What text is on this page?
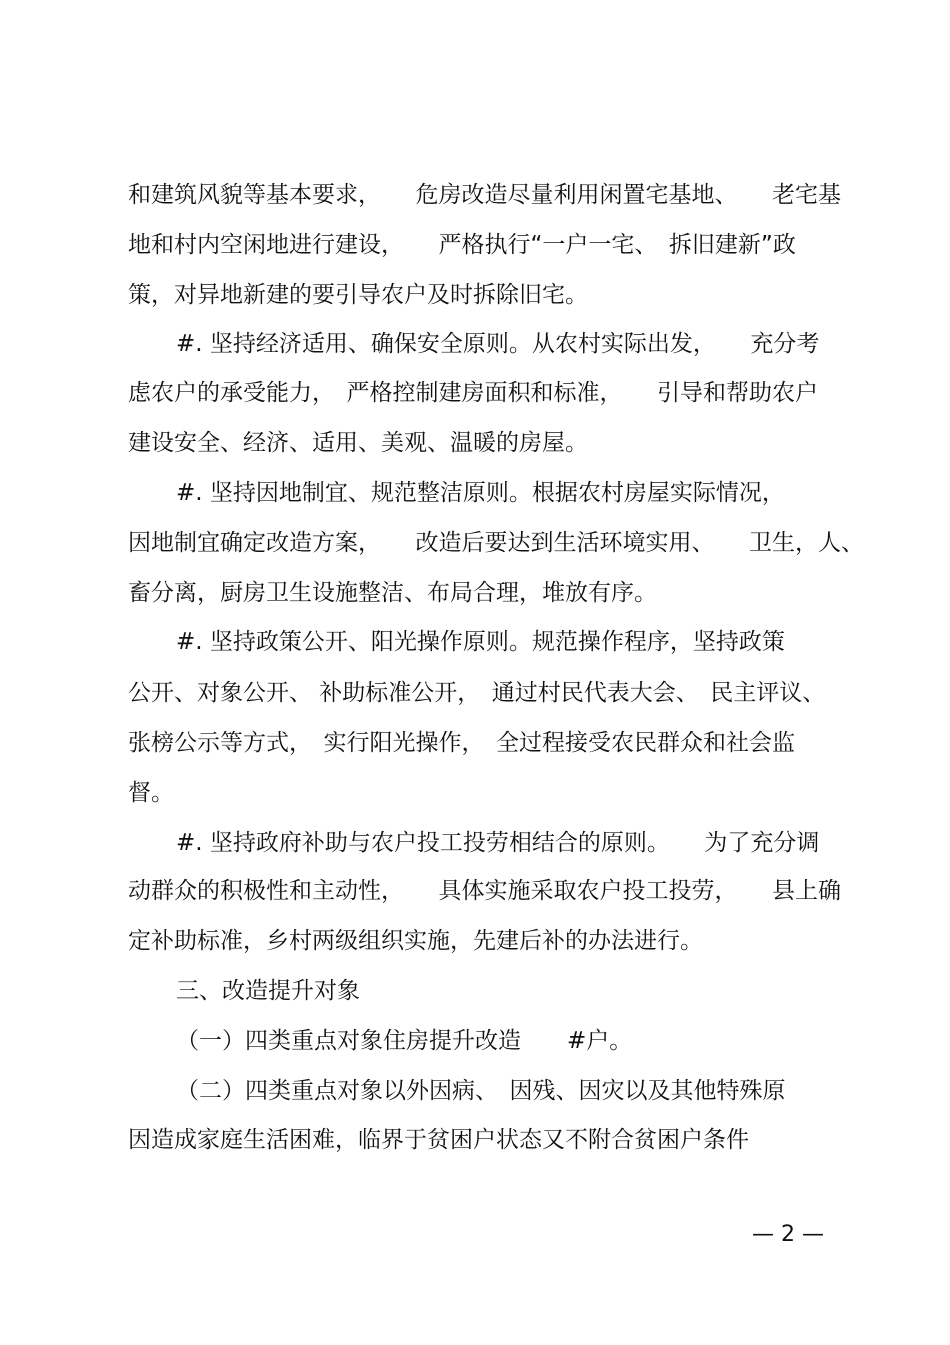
和建筑风貌等基本要求，　　危房改造尽量利用闲置宅基地、　　老宅基
地和村内空闲地进行建设，　　严格执行“一户一宅、　拆旧建新”政
策，对异地新建的要引导农户及时拆除旧宅。
#. 坚持经济适用、确保安全原则。从农村实际出发，　　充分考
虑农户的承受能力，　严格控制建房面积和标准，　　引导和帮助农户
建设安全、经济、适用、美观、温暖的房屋。
#. 坚持因地制宜、规范整洁原则。根据农村房屋实际情况，
因地制宜确定改造方案，　　改造后要达到生活环境实用、　　卫生，人、
畜分离，厨房卫生设施整洁、布局合理，堆放有序。
#. 坚持政策公开、阳光操作原则。规范操作程序，坚持政策
公开、对象公开、 补助标准公开，　通过村民代表大会、　民主评议、
张榜公示等方式，　实行阳光操作，　全过程接受农民群众和社会监
督。
#. 坚持政府补助与农户投工投劳相结合的原则。　　为了充分调
动群众的积极性和主动性，　　具体实施采取农户投工投劳，　　县上确
定补助标准，乡村两级组织实施，先建后补的办法进行。
三、改造提升对象
（一）四类重点对象住房提升改造　　#户。
（二）四类重点对象以外因病、　因残、因灾以及其他特殊原
因造成家庭生活困难，临界于贫困户状态又不附合贫困户条件
— 2 —
